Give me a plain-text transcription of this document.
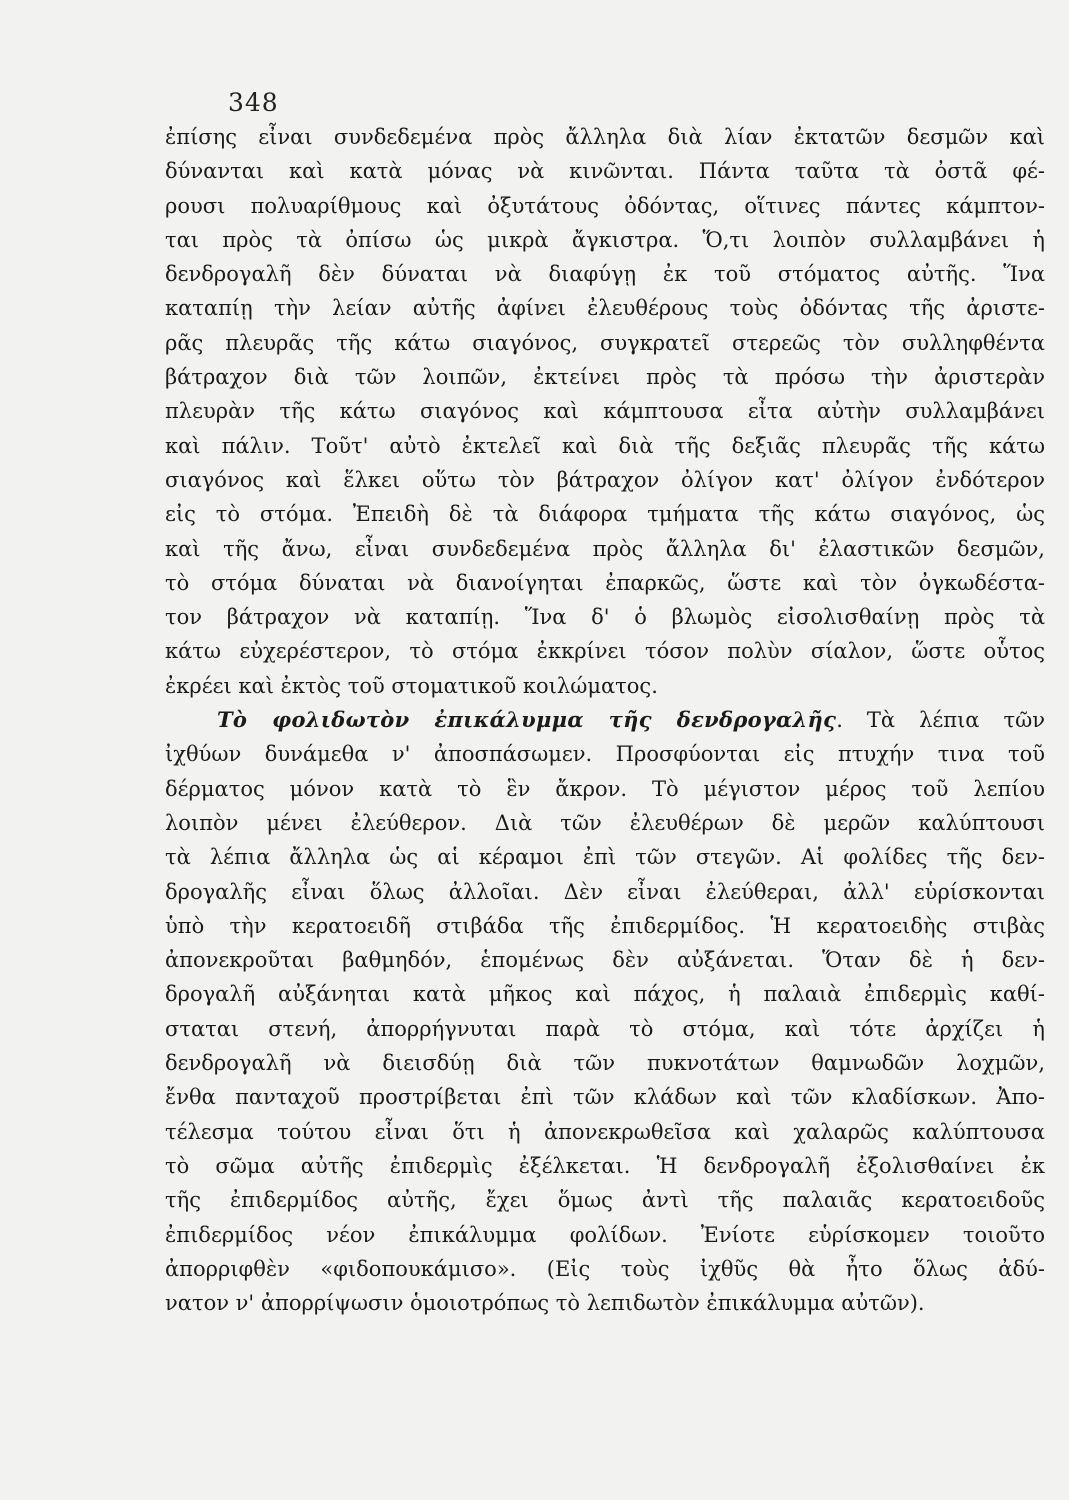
348
ἐπίσης εἶναι συνδεδεμένα πρὸς ἄλληλα διὰ λίαν ἐκτατῶν δεσμῶν καὶ
δύνανται καὶ κατὰ μόνας νὰ κινῶνται. Πάντα ταῦτα τὰ ὀστᾶ φέ-
ρουσι πολυαρίθμους καὶ ὀξυτάτους ὀδόντας, οἵτινες πάντες κάμπτον-
ται πρὸς τὰ ὀπίσω ὡς μικρὰ ἄγκιστρα. Ὅ,τι λοιπὸν συλλαμβάνει ἡ
δενδρογαλῆ δὲν δύναται νὰ διαφύγῃ ἐκ τοῦ στόματος αὐτῆς. Ἵνα
καταπίῃ τὴν λείαν αὐτῆς ἀφίνει ἐλευθέρους τοὺς ὀδόντας τῆς ἀριστε-
ρᾶς πλευρᾶς τῆς κάτω σιαγόνος, συγκρατεῖ στερεῶς τὸν συλληφθέντα
βάτραχον διὰ τῶν λοιπῶν, ἐκτείνει πρὸς τὰ πρόσω τὴν ἀριστερὰν
πλευρὰν τῆς κάτω σιαγόνος καὶ κάμπτουσα εἶτα αὐτὴν συλλαμβάνει
καὶ πάλιν. Τοῦτ' αὐτὸ ἐκτελεῖ καὶ διὰ τῆς δεξιᾶς πλευρᾶς τῆς κάτω
σιαγόνος καὶ ἕλκει οὕτω τὸν βάτραχον ὀλίγον κατ' ὀλίγον ἐνδότερον
εἰς τὸ στόμα. Ἐπειδὴ δὲ τὰ διάφορα τμήματα τῆς κάτω σιαγόνος, ὡς
καὶ τῆς ἄνω, εἶναι συνδεδεμένα πρὸς ἄλληλα δι' ἐλαστικῶν δεσμῶν,
τὸ στόμα δύναται νὰ διανοίγηται ἐπαρκῶς, ὥστε καὶ τὸν ὀγκωδέστα-
τον βάτραχον νὰ καταπίῃ. Ἵνα δ' ὁ βλωμὸς εἰσολισθαίνῃ πρὸς τὰ
κάτω εὐχερέστερον, τὸ στόμα ἐκκρίνει τόσον πολὺν σίαλον, ὥστε οὗτος
ἐκρέει καὶ ἐκτὸς τοῦ στοματικοῦ κοιλώματος.
Τὸ φολιδωτὸν ἐπικάλυμμα τῆς δενδρογαλῆς. Τὰ λέπια τῶν
ἰχθύων δυνάμεθα ν' ἀποσπάσωμεν. Προσφύονται εἰς πτυχήν τινα τοῦ
δέρματος μόνον κατὰ τὸ ἓν ἄκρον. Τὸ μέγιστον μέρος τοῦ λεπίου
λοιπὸν μένει ἐλεύθερον. Διὰ τῶν ἐλευθέρων δὲ μερῶν καλύπτουσι
τὰ λέπια ἄλληλα ὡς αἱ κέραμοι ἐπὶ τῶν στεγῶν. Αἱ φολίδες τῆς δεν-
δρογαλῆς εἶναι ὅλως ἀλλοῖαι. Δὲν εἶναι ἐλεύθεραι, ἀλλ' εὑρίσκονται
ὑπὸ τὴν κερατοειδῆ στιβάδα τῆς ἐπιδερμίδος. Ἡ κερατοειδὴς στιβὰς
ἀπονεκροῦται βαθμηδόν, ἑπομένως δὲν αὐξάνεται. Ὅταν δὲ ἡ δεν-
δρογαλῆ αὐξάνηται κατὰ μῆκος καὶ πάχος, ἡ παλαιὰ ἐπιδερμὶς καθί-
σταται στενή, ἀπορρήγνυται παρὰ τὸ στόμα, καὶ τότε ἀρχίζει ἡ
δενδρογαλῆ νὰ διεισδύῃ διὰ τῶν πυκνοτάτων θαμνωδῶν λοχμῶν,
ἔνθα πανταχοῦ προστρίβεται ἐπὶ τῶν κλάδων καὶ τῶν κλαδίσκων. Ἀπο-
τέλεσμα τούτου εἶναι ὅτι ἡ ἀπονεκρωθεῖσα καὶ χαλαρῶς καλύπτουσα
τὸ σῶμα αὐτῆς ἐπιδερμὶς ἐξέλκεται. Ἡ δενδρογαλῆ ἐξολισθαίνει ἐκ
τῆς ἐπιδερμίδος αὐτῆς, ἔχει ὅμως ἀντὶ τῆς παλαιᾶς κερατοειδοῦς
ἐπιδερμίδος νέον ἐπικάλυμμα φολίδων. Ἐνίοτε εὑρίσκομεν τοιοῦτο
ἀπορριφθὲν «φιδοπουκάμισο». (Εἰς τοὺς ἰχθῦς θὰ ἦτο ὅλως ἀδύ-
νατον ν' ἀπορρίψωσιν ὁμοιοτρόπως τὸ λεπιδωτὸν ἐπικάλυμμα αὐτῶν).
